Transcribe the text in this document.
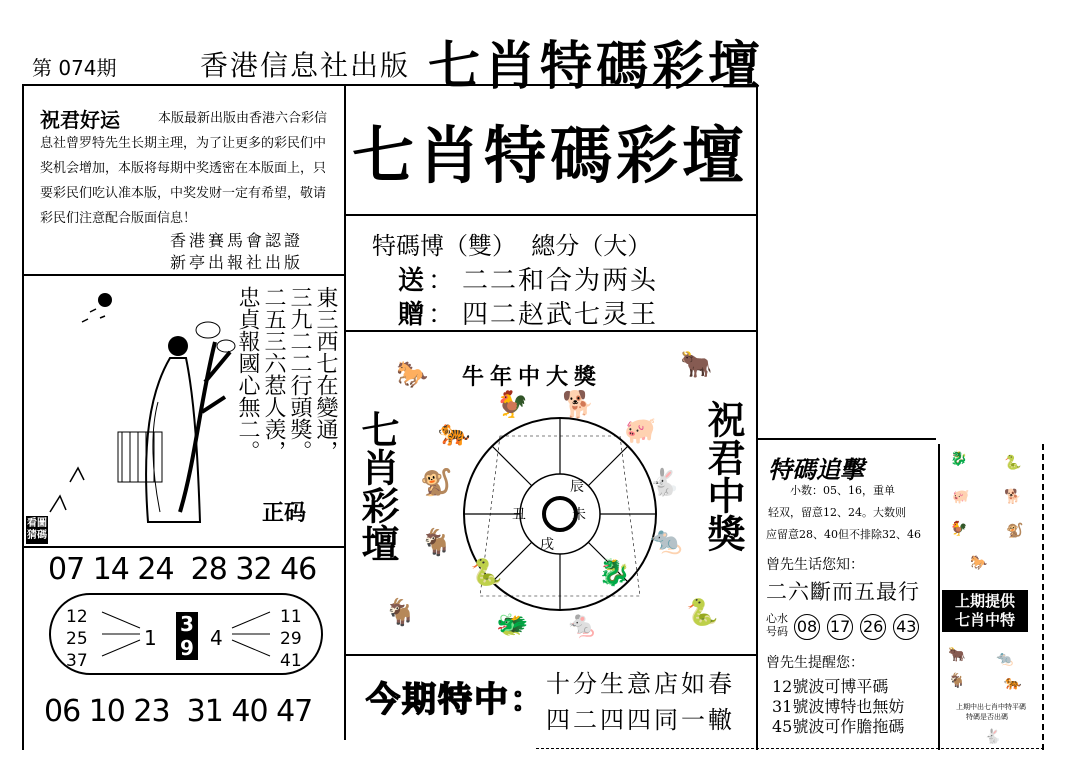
第 074期	香港信息社出版 七肖特碼彩壇
祝君好运	本版最新出版由香港六合彩信息社曾罗特先生长期主理，为了让更多的彩民们中奖机会增加，本版将每期中奖透密在本版面上，只要彩民们吃认准本版，中奖发财一定有希望，敬请彩民们注意配合版面信息！
香港賽馬會認證
新亭出報社出版
東三西七在變通，
三九二二行頭獎。
二五三六惹人羡，
忠貞報國心無二。
正码
看圖猜碼
07 14 24  28 32 46
12
25
37
11
29
41
1
3
9 4
06 10 23  31 40 47
七肖特碼彩壇
特碼博（雙）  總分（大）
送 ： 二二和合为两头
贈 ： 四二赵武七灵王
牛年中大獎
七肖彩壇	祝君中獎
辰
未
丑
戌
🐎	🐂
🐓 🐕
🐅	🐖
🐒	🐇
🐐	🐀
🐍	🐉
🐐	🐍
🐲 🐁
今期特中： 十分生意店如春
四二四四同一轍
特碼追擊
小数：05、16，重单
轻双，留意12、24。大数则
应留意28、40但不排除32、46
曾先生话您知：
二六斷而五最行
心水号码 08 17 26 43
曾先生提醒您：
12號波可博平碼
31號波博特也無妨
45號波可作膽拖碼
🐉	🐍
🐖 🐕
🐓	🐒
🐎
上期提供
七肖中特
🐂 🐀
🐐	🐅
上期中出七肖中特平碼
特碼是否出碼
🐇
